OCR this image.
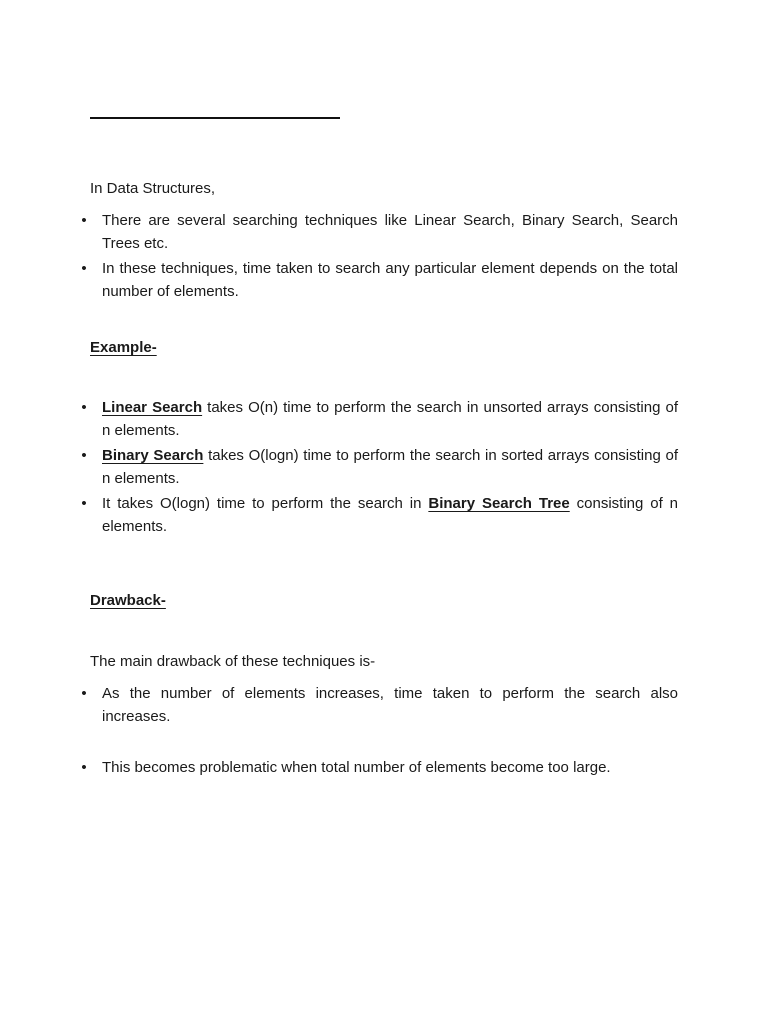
In Data Structures,

• There are several searching techniques like Linear Search, Binary Search, Search Trees etc.
• In these techniques, time taken to search any particular element depends on the total number of elements.

Example-

• Linear Search takes O(n) time to perform the search in unsorted arrays consisting of n elements.
• Binary Search takes O(logn) time to perform the search in sorted arrays consisting of n elements.
• It takes O(logn) time to perform the search in Binary Search Tree consisting of n elements.

Drawback-

The main drawback of these techniques is-

• As the number of elements increases, time taken to perform the search also increases.
• This becomes problematic when total number of elements become too large.
